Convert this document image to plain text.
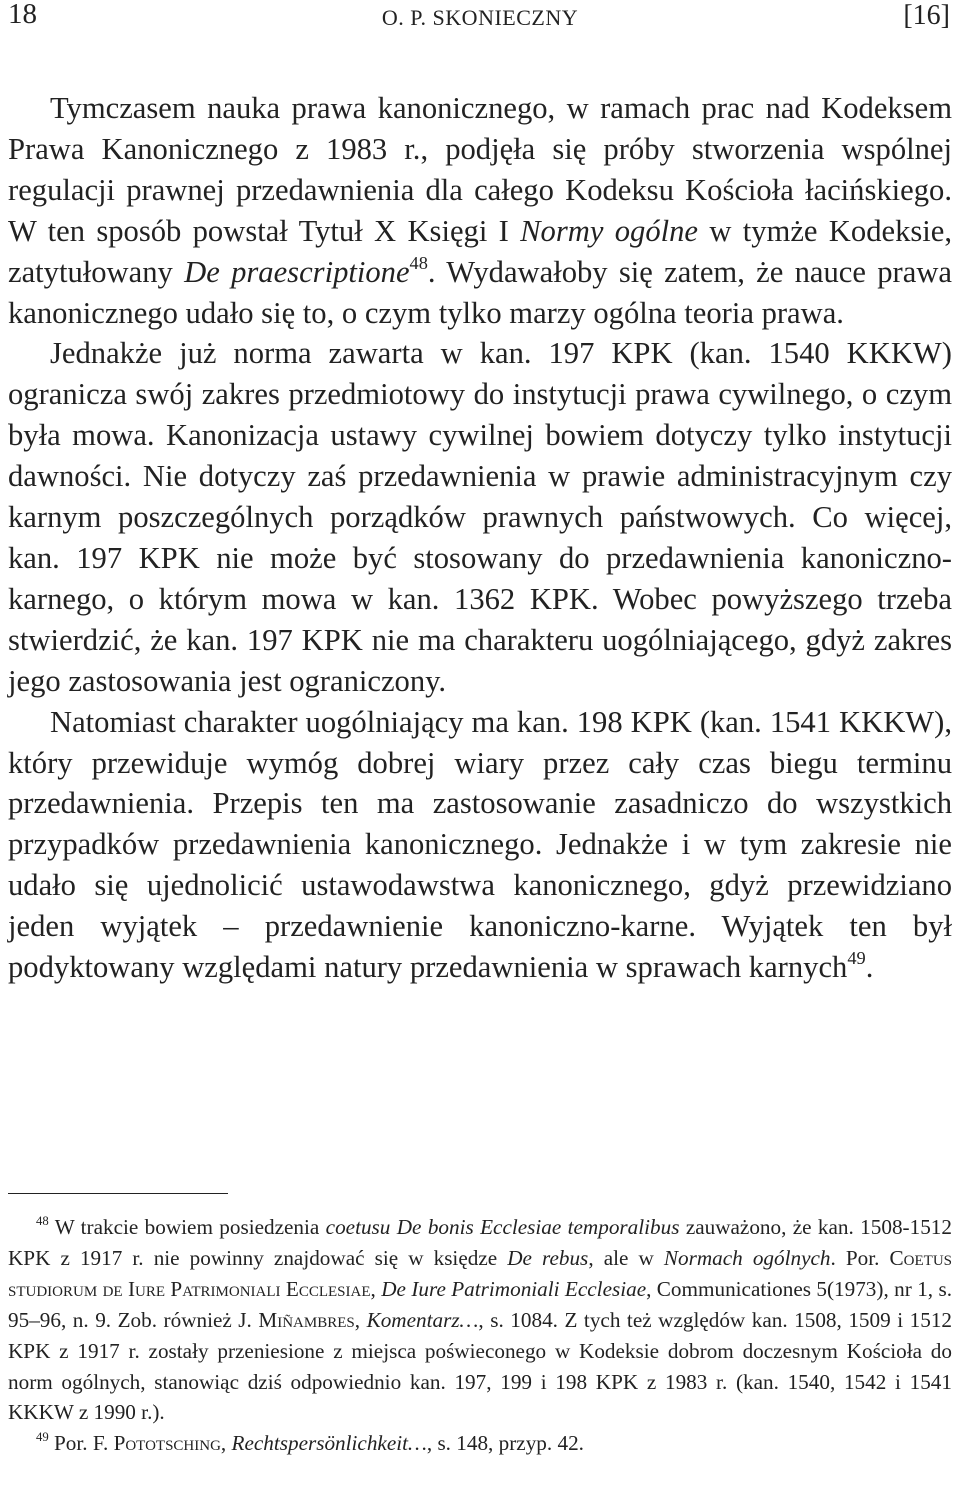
18	O. P. SKONIECZNY	[16]

Tymczasem nauka prawa kanonicznego, w ramach prac nad Kodeksem Prawa Kanonicznego z 1983 r., podjęła się próby stworzenia wspólnej regulacji prawnej przedawnienia dla całego Kodeksu Kościoła łacińskiego. W ten sposób powstał Tytuł X Księgi I Normy ogólne w tymże Kodeksie, zatytułowany De praescriptione$^{48}$. Wydawałoby się zatem, że nauce prawa kanonicznego udało się to, o czym tylko marzy ogólna teoria prawa.

Jednakże już norma zawarta w kan. 197 KPK (kan. 1540 KKKW) ogranicza swój zakres przedmiotowy do instytucji prawa cywilnego, o czym była mowa. Kanonizacja ustawy cywilnej bowiem dotyczy tylko instytucji dawności. Nie dotyczy zaś przedawnienia w prawie administracyjnym czy karnym poszczególnych porządków prawnych państwowych. Co więcej, kan. 197 KPK nie może być stosowany do przedawnienia kanoniczno-karnego, o którym mowa w kan. 1362 KPK. Wobec powyższego trzeba stwierdzić, że kan. 197 KPK nie ma charakteru uogólniającego, gdyż zakres jego zastosowania jest ograniczony.

Natomiast charakter uogólniający ma kan. 198 KPK (kan. 1541 KKKW), który przewiduje wymóg dobrej wiary przez cały czas biegu terminu przedawnienia. Przepis ten ma zastosowanie zasadniczo do wszystkich przypadków przedawnienia kanonicznego. Jednakże i w tym zakresie nie udało się ujednolicić ustawodawstwa kanonicznego, gdyż przewidziano jeden wyjątek – przedawnienie kanoniczno-karne. Wyjątek ten był podyktowany względami natury przedawnienia w sprawach karnych$^{49}$.

$^{48}$ W trakcie bowiem posiedzenia coetusu De bonis Ecclesiae temporalibus zauważono, że kan. 1508-1512 KPK z 1917 r. nie powinny znajdować się w księdze De rebus, ale w Normach ogólnych. Por. Coetus studiorum de Iure Patrimoniali Ecclesiae, De Iure Patrimoniali Ecclesiae, Communicationes 5(1973), nr 1, s. 95–96, n. 9. Zob. również J. Miñambres, Komentarz…, s. 1084. Z tych też względów kan. 1508, 1509 i 1512 KPK z 1917 r. zostały przeniesione z miejsca poświeconego w Kodeksie dobrom doczesnym Kościoła do norm ogólnych, stanowiąc dziś odpowiednio kan. 197, 199 i 198 KPK z 1983 r. (kan. 1540, 1542 i 1541 KKKW z 1990 r.).

$^{49}$ Por. F. Pototsching, Rechtspersönlichkeit…, s. 148, przyp. 42.
